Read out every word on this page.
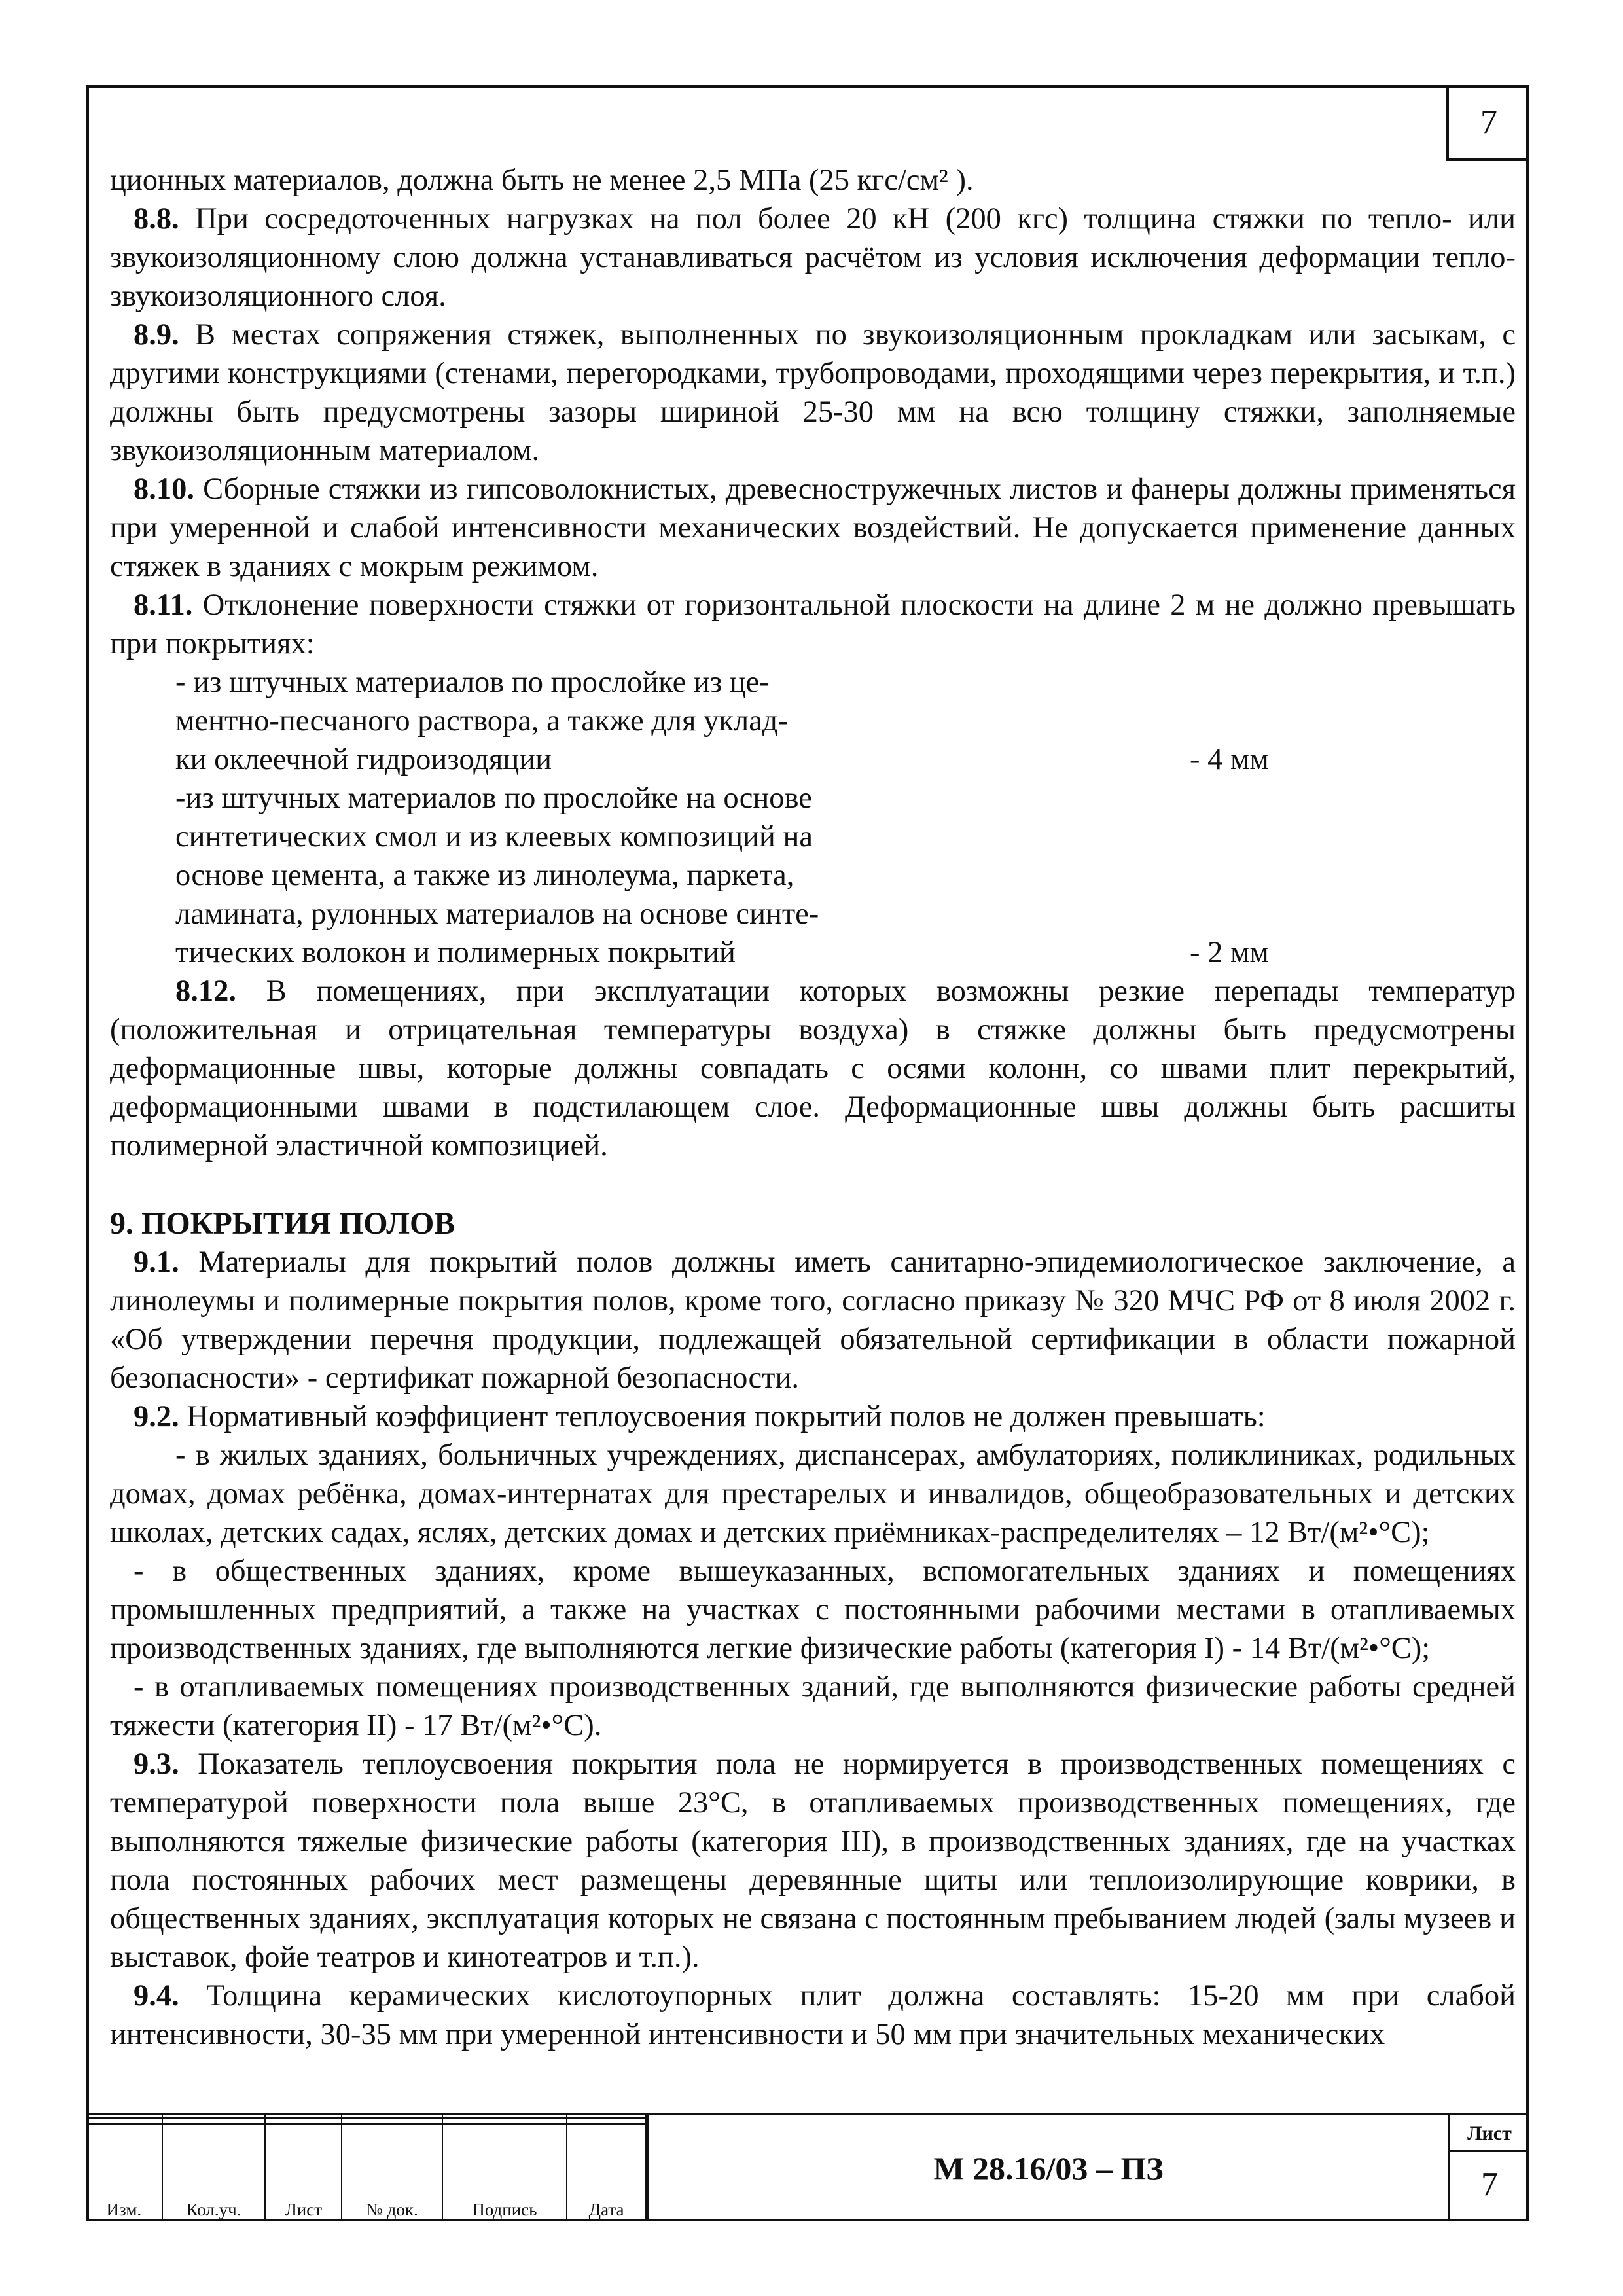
7

ционных материалов, должна быть не менее 2,5 МПа (25 кгс/см² ).

8.8. При сосредоточенных нагрузках на пол более 20 кН (200 кгс) толщина стяжки по тепло- или звукоизоляционному слою должна устанавливаться расчётом из условия исключения деформации тепло-звукоизоляционного слоя.

8.9. В местах сопряжения стяжек, выполненных по звукоизоляционным прокладкам или засыкам, с другими конструкциями (стенами, перегородками, трубопроводами, проходящими через перекрытия, и т.п.) должны быть предусмотрены зазоры шириной 25-30 мм на всю толщину стяжки, заполняемые звукоизоляционным материалом.

8.10. Сборные стяжки из гипсоволокнистых, древесностружечных листов и фанеры должны применяться при умеренной и слабой интенсивности механических воздействий. Не допускается применение данных стяжек в зданиях с мокрым режимом.

8.11. Отклонение поверхности стяжки от горизонтальной плоскости на длине 2 м не должно превышать при покрытиях:

- из штучных материалов по прослойке из це-
ментно-песчаного раствора, а также для уклад-
ки оклеечной гидроизодяции	- 4 мм
-из штучных материалов по прослойке на основе
синтетических смол и из клеевых композиций на
основе цемента, а также из линолеума, паркета,
ламината, рулонных материалов на основе синте-
тических волокон и полимерных покрытий	- 2 мм

8.12. В помещениях, при эксплуатации которых возможны резкие перепады температур (положительная и отрицательная температуры воздуха) в стяжке должны быть предусмотрены деформационные швы, которые должны совпадать с осями колонн, со швами плит перекрытий, деформационными швами в подстилающем слое. Деформационные швы должны быть расшиты полимерной эластичной композицией.

9. ПОКРЫТИЯ ПОЛОВ

9.1. Материалы для покрытий полов должны иметь санитарно-эпидемиологическое заключение, а линолеумы и полимерные покрытия полов, кроме того, согласно приказу № 320 МЧС РФ от 8 июля 2002 г. «Об утверждении перечня продукции, подлежащей обязательной сертификации в области пожарной безопасности» - сертификат пожарной безопасности.

9.2. Нормативный коэффициент теплоусвоения покрытий полов не должен превышать:

- в жилых зданиях, больничных учреждениях, диспансерах, амбулаториях, поликлиниках, родильных домах, домах ребёнка, домах-интернатах для престарелых и инвалидов, общеобразовательных и детских школах, детских садах, яслях, детских домах и детских приёмниках-распределителях – 12 Вт/(м²•°С);

- в общественных зданиях, кроме вышеуказанных, вспомогательных зданиях и помещениях промышленных предприятий, а также на участках с постоянными рабочими местами в отапливаемых производственных зданиях, где выполняются легкие физические работы (категория I) - 14 Вт/(м²•°С);

- в отапливаемых помещениях производственных зданий, где выполняются физические работы средней тяжести (категория II) - 17 Вт/(м²•°С).

9.3. Показатель теплоусвоения покрытия пола не нормируется в производственных помещениях с температурой поверхности пола выше 23°С, в отапливаемых производственных помещениях, где выполняются тяжелые физические работы (категория III), в производственных зданиях, где на участках пола постоянных рабочих мест размещены деревянные щиты или теплоизолирующие коврики, в общественных зданиях, эксплуатация которых не связана с постоянным пребыванием людей (залы музеев и выставок, фойе театров и кинотеатров и т.п.).

9.4. Толщина керамических кислотоупорных плит должна составлять: 15-20 мм при слабой интенсивности, 30-35 мм при умеренной интенсивности и 50 мм при значительных механических

Изм.	Кол.уч.	Лист	№ док.	Подпись	Дата
М 28.16/03 – ПЗ
Лист
7
